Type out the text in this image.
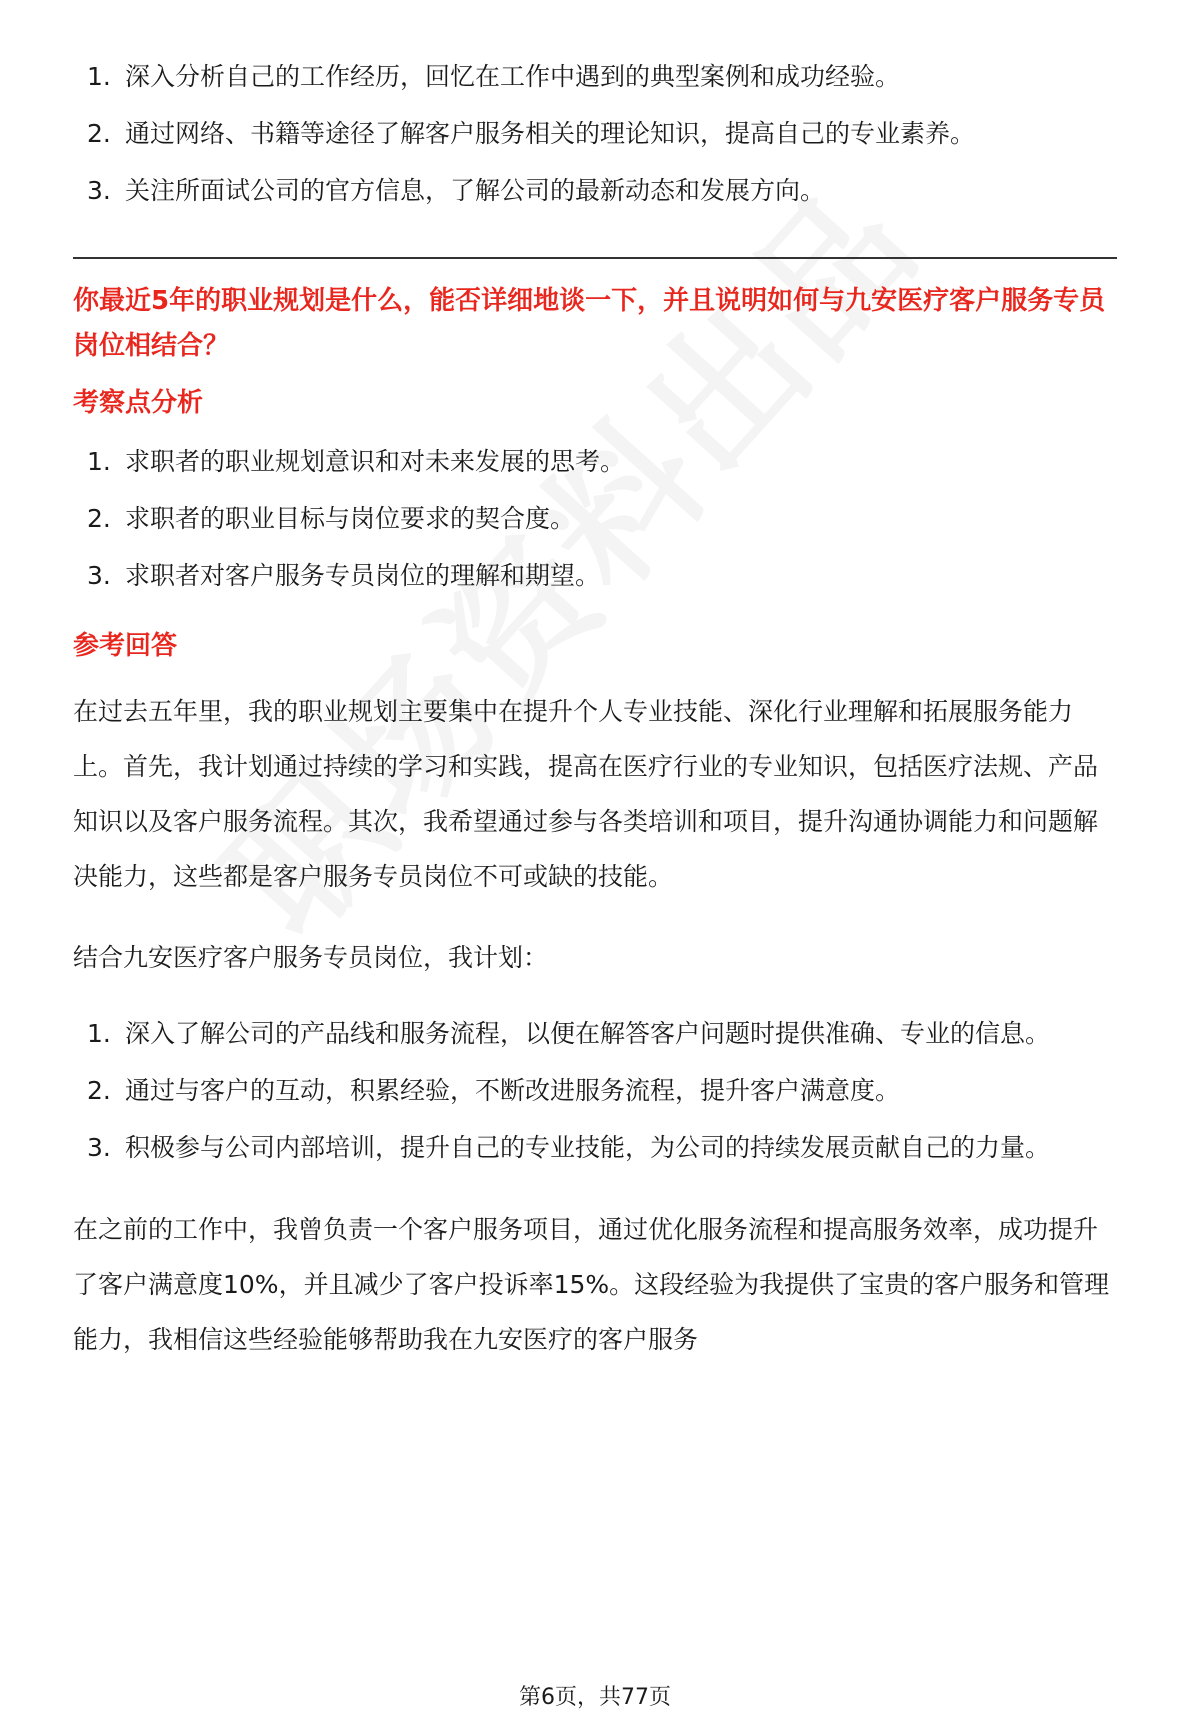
1. 深入分析自己的工作经历，回忆在工作中遇到的典型案例和成功经验。
2. 通过网络、书籍等途径了解客户服务相关的理论知识，提高自己的专业素养。
3. 关注所面试公司的官方信息，了解公司的最新动态和发展方向。

你最近5年的职业规划是什么，能否详细地谈一下，并且说明如何与九安医疗客户服务专员岗位相结合？

考察点分析
1. 求职者的职业规划意识和对未来发展的思考。
2. 求职者的职业目标与岗位要求的契合度。
3. 求职者对客户服务专员岗位的理解和期望。
参考回答

在过去五年里，我的职业规划主要集中在提升个人专业技能、深化行业理解和拓展服务能力上。首先，我计划通过持续的学习和实践，提高在医疗行业的专业知识，包括医疗法规、产品知识以及客户服务流程。其次，我希望通过参与各类培训和项目，提升沟通协调能力和问题解决能力，这些都是客户服务专员岗位不可或缺的技能。

结合九安医疗客户服务专员岗位，我计划：

1. 深入了解公司的产品线和服务流程，以便在解答客户问题时提供准确、专业的信息。
2. 通过与客户的互动，积累经验，不断改进服务流程，提升客户满意度。
3. 积极参与公司内部培训，提升自己的专业技能，为公司的持续发展贡献自己的力量。

在之前的工作中，我曾负责一个客户服务项目，通过优化服务流程和提高服务效率，成功提升了客户满意度10%，并且减少了客户投诉率15%。这段经验为我提供了宝贵的客户服务和管理能力，我相信这些经验能够帮助我在九安医疗的客户服务

第6页，共77页
